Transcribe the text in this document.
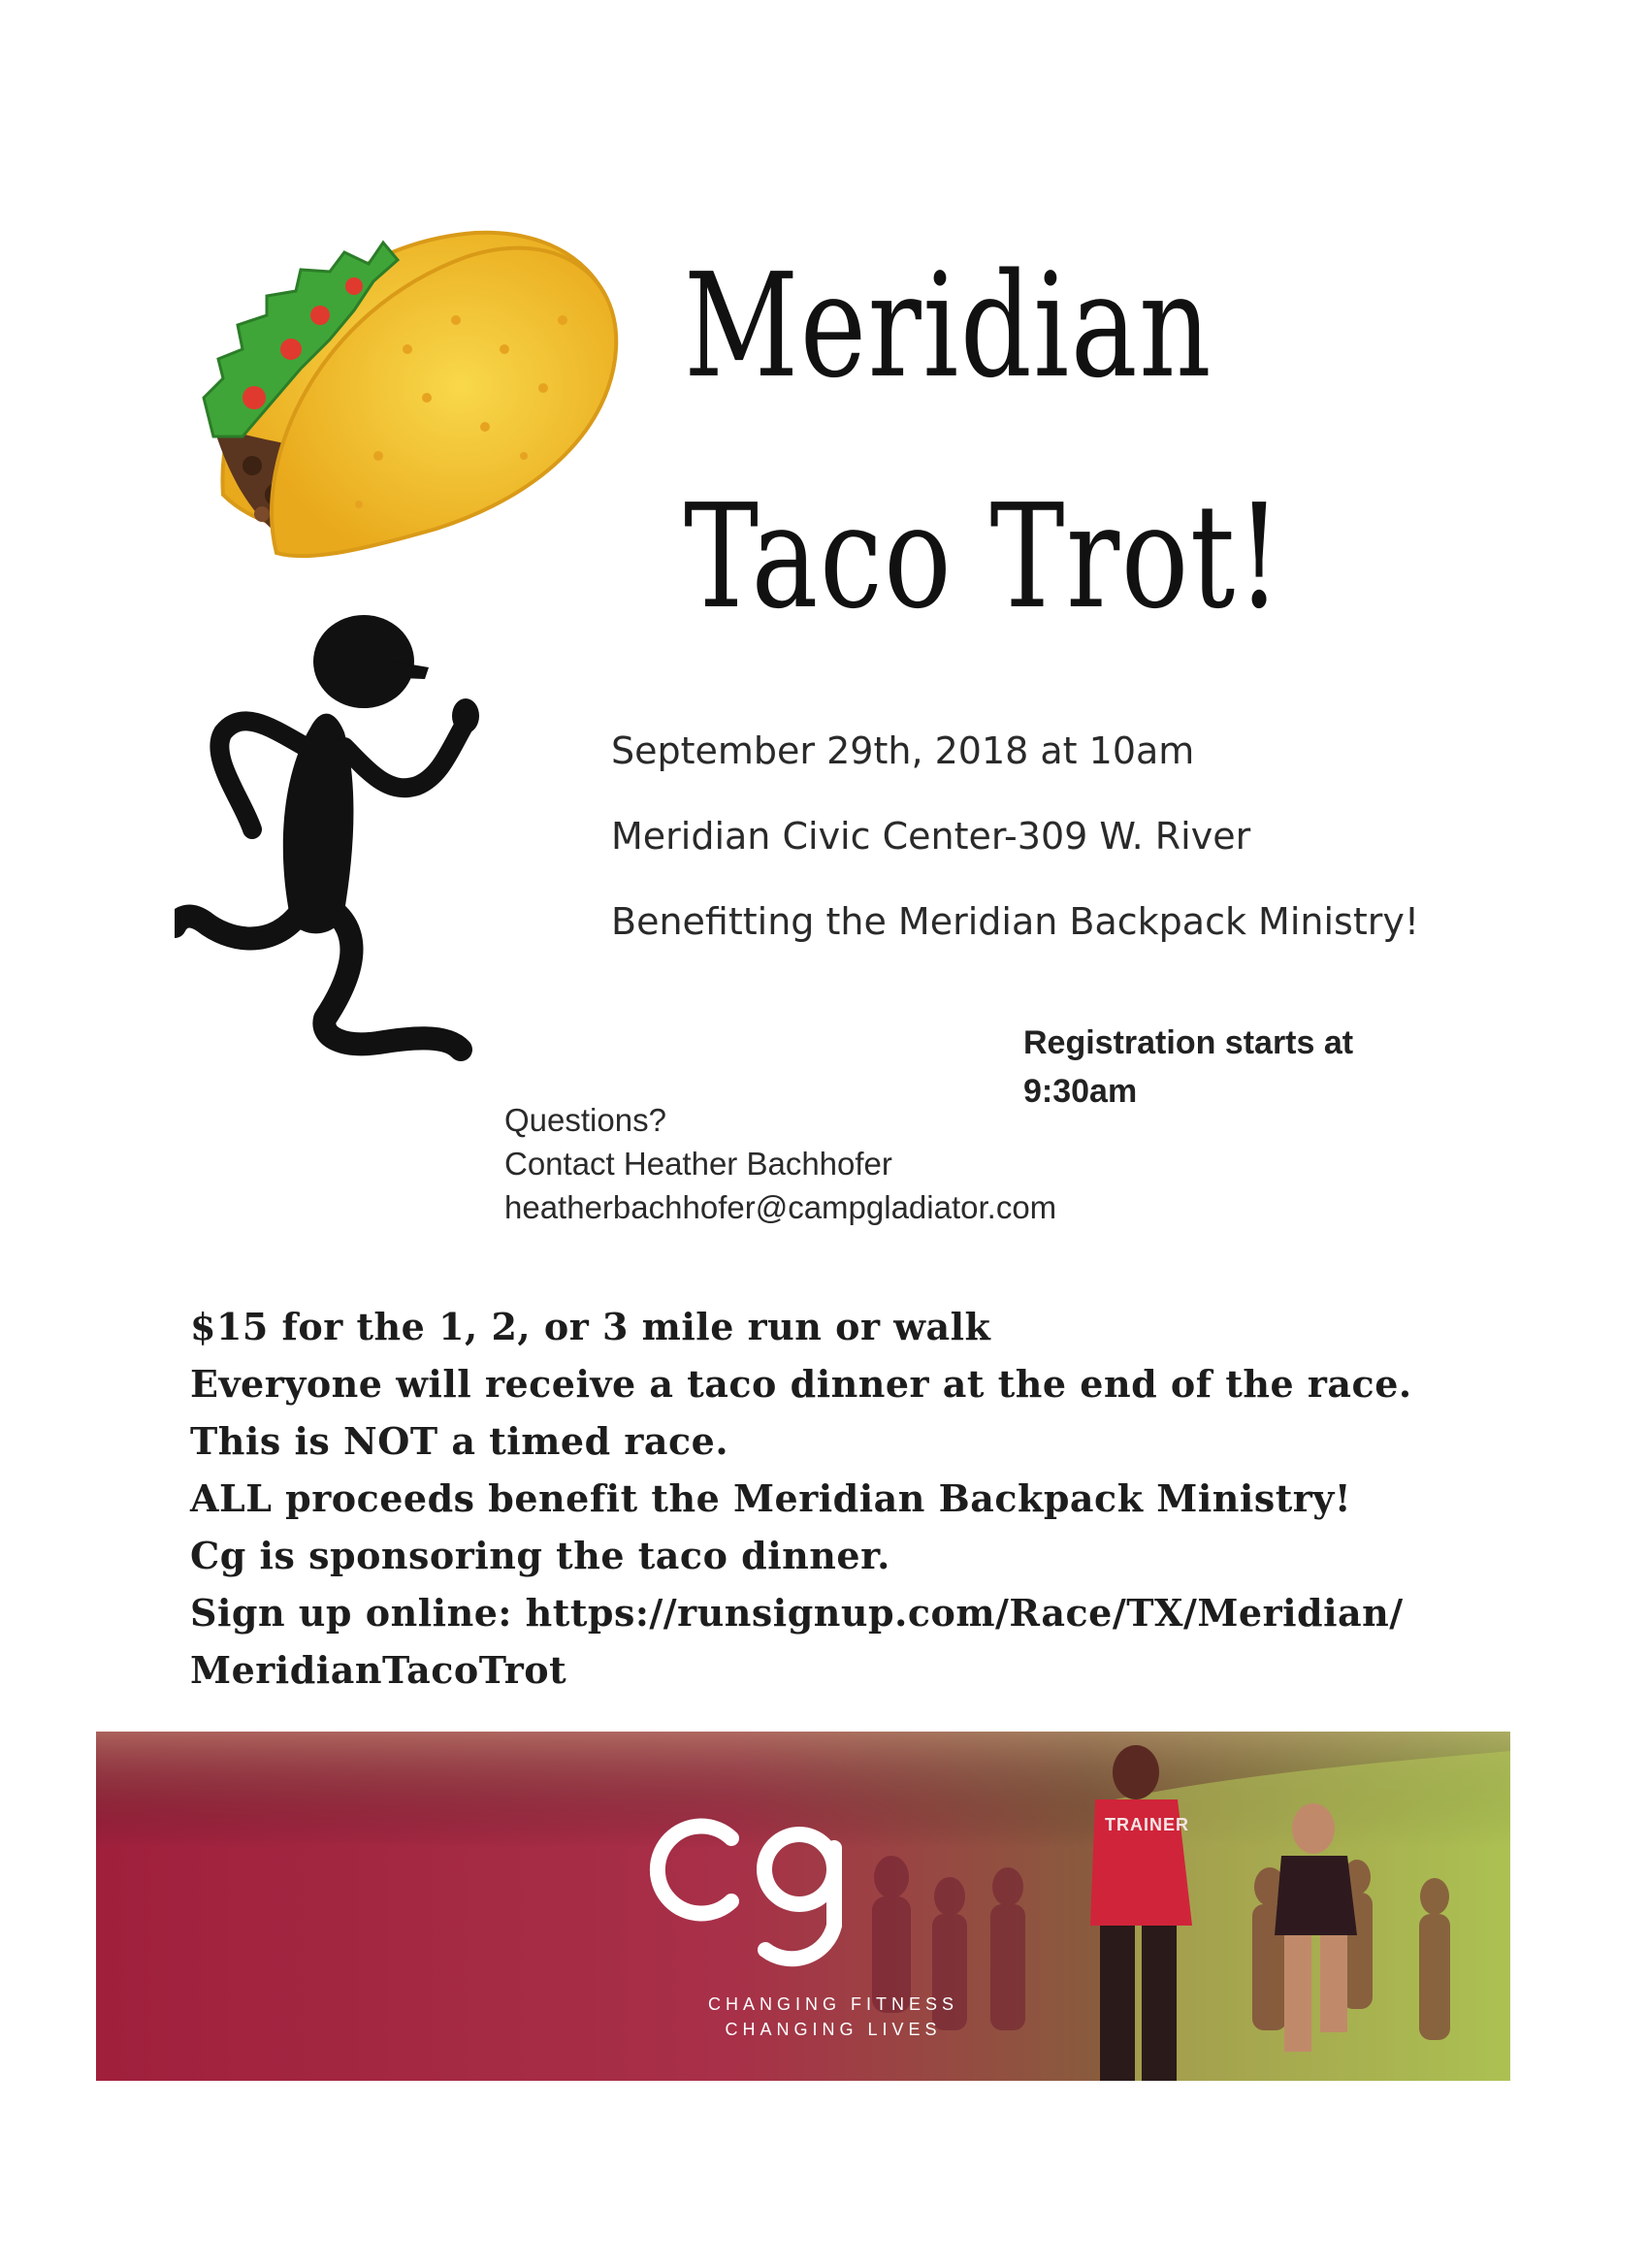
Meridian
Taco Trot!
September 29th, 2018 at 10am
Meridian Civic Center-309 W. River
Benefitting the Meridian Backpack Ministry!
Registration starts at
9:30am
Questions?
Contact Heather Bachhofer
heatherbachhofer@campgladiator.com
$15 for the 1, 2, or 3 mile run or walk
Everyone will receive a taco dinner at the end of the race.
This is NOT a timed race.
ALL proceeds benefit the Meridian Backpack Ministry!
Cg is sponsoring the taco dinner.
Sign up online: https://runsignup.com/Race/TX/Meridian/
MeridianTacoTrot
TRAINER
CHANGING FITNESS
CHANGING LIVES
